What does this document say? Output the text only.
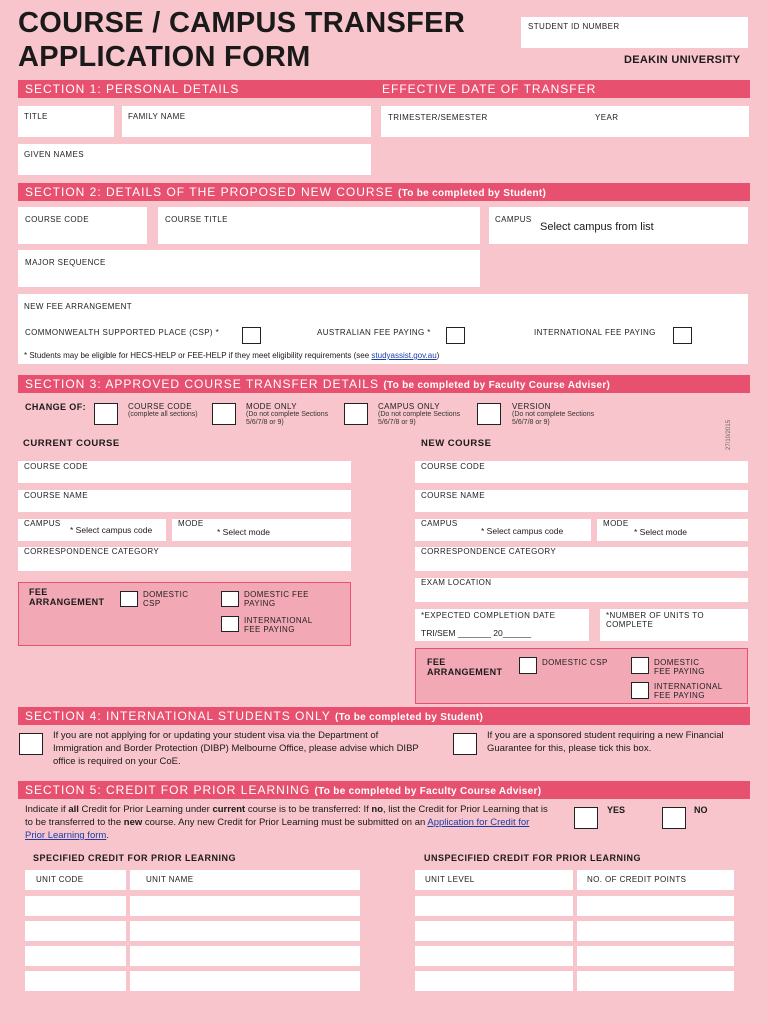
COURSE / CAMPUS TRANSFER
APPLICATION FORM
STUDENT ID NUMBER
DEAKIN UNIVERSITY
SECTION 1: PERSONAL DETAILS	EFFECTIVE DATE OF TRANSFER
TITLE	FAMILY NAME
GIVEN NAMES
TRIMESTER/SEMESTER	YEAR
SECTION 2: DETAILS OF THE PROPOSED NEW COURSE (To be completed by Student)
COURSE CODE	COURSE TITLE	CAMPUS
Select campus from list
MAJOR SEQUENCE
NEW FEE ARRANGEMENT
COMMONWEALTH SUPPORTED PLACE (CSP) *	AUSTRALIAN FEE PAYING *	INTERNATIONAL FEE PAYING
* Students may be eligible for HECS-HELP or FEE-HELP if they meet eligibility requirements (see studyassist.gov.au)
SECTION 3: APPROVED COURSE TRANSFER DETAILS (To be completed by Faculty Course Adviser)
CHANGE OF:	COURSE CODE
(complete all sections)
MODE ONLY
(Do not complete Sections 5/6/7/8 or 9)
CAMPUS ONLY
(Do not complete Sections 5/6/7/8 or 9)
VERSION
(Do not complete Sections 5/6/7/8 or 9)	27/10/2015
CURRENT COURSE	NEW COURSE
COURSE CODE
COURSE NAME
CAMPUS
* Select campus code
MODE
* Select mode
CORRESPONDENCE CATEGORY
FEE ARRANGEMENT
DOMESTIC CSP
DOMESTIC FEE PAYING
INTERNATIONAL FEE PAYING
COURSE CODE
COURSE NAME
CAMPUS
* Select campus code
MODE
* Select mode
CORRESPONDENCE CATEGORY
EXAM LOCATION
*EXPECTED COMPLETION DATE
TRI/SEM _______ 20______
*NUMBER OF UNITS TO COMPLETE
FEE ARRANGEMENT
DOMESTIC CSP	DOMESTIC FEE PAYING
INTERNATIONAL FEE PAYING
SECTION 4: INTERNATIONAL STUDENTS ONLY (To be completed by Student)
If you are not applying for or updating your student visa via the Department of Immigration and Border Protection (DIBP) Melbourne Office, please advise which DIBP office is required on your CoE.
If you are a sponsored student requiring a new Financial Guarantee for this, please tick this box.
SECTION 5: CREDIT FOR PRIOR LEARNING (To be completed by Faculty Course Adviser)
Indicate if all Credit for Prior Learning under current course is to be transferred: If no, list the Credit for Prior Learning that is to be transferred to the new course. Any new Credit for Prior Learning must be submitted on an Application for Credit for Prior Learning form.
YES	NO
SPECIFIED CREDIT FOR PRIOR LEARNING	UNSPECIFIED CREDIT FOR PRIOR LEARNING
UNIT CODE	UNIT NAME	UNIT LEVEL	NO. OF CREDIT POINTS
